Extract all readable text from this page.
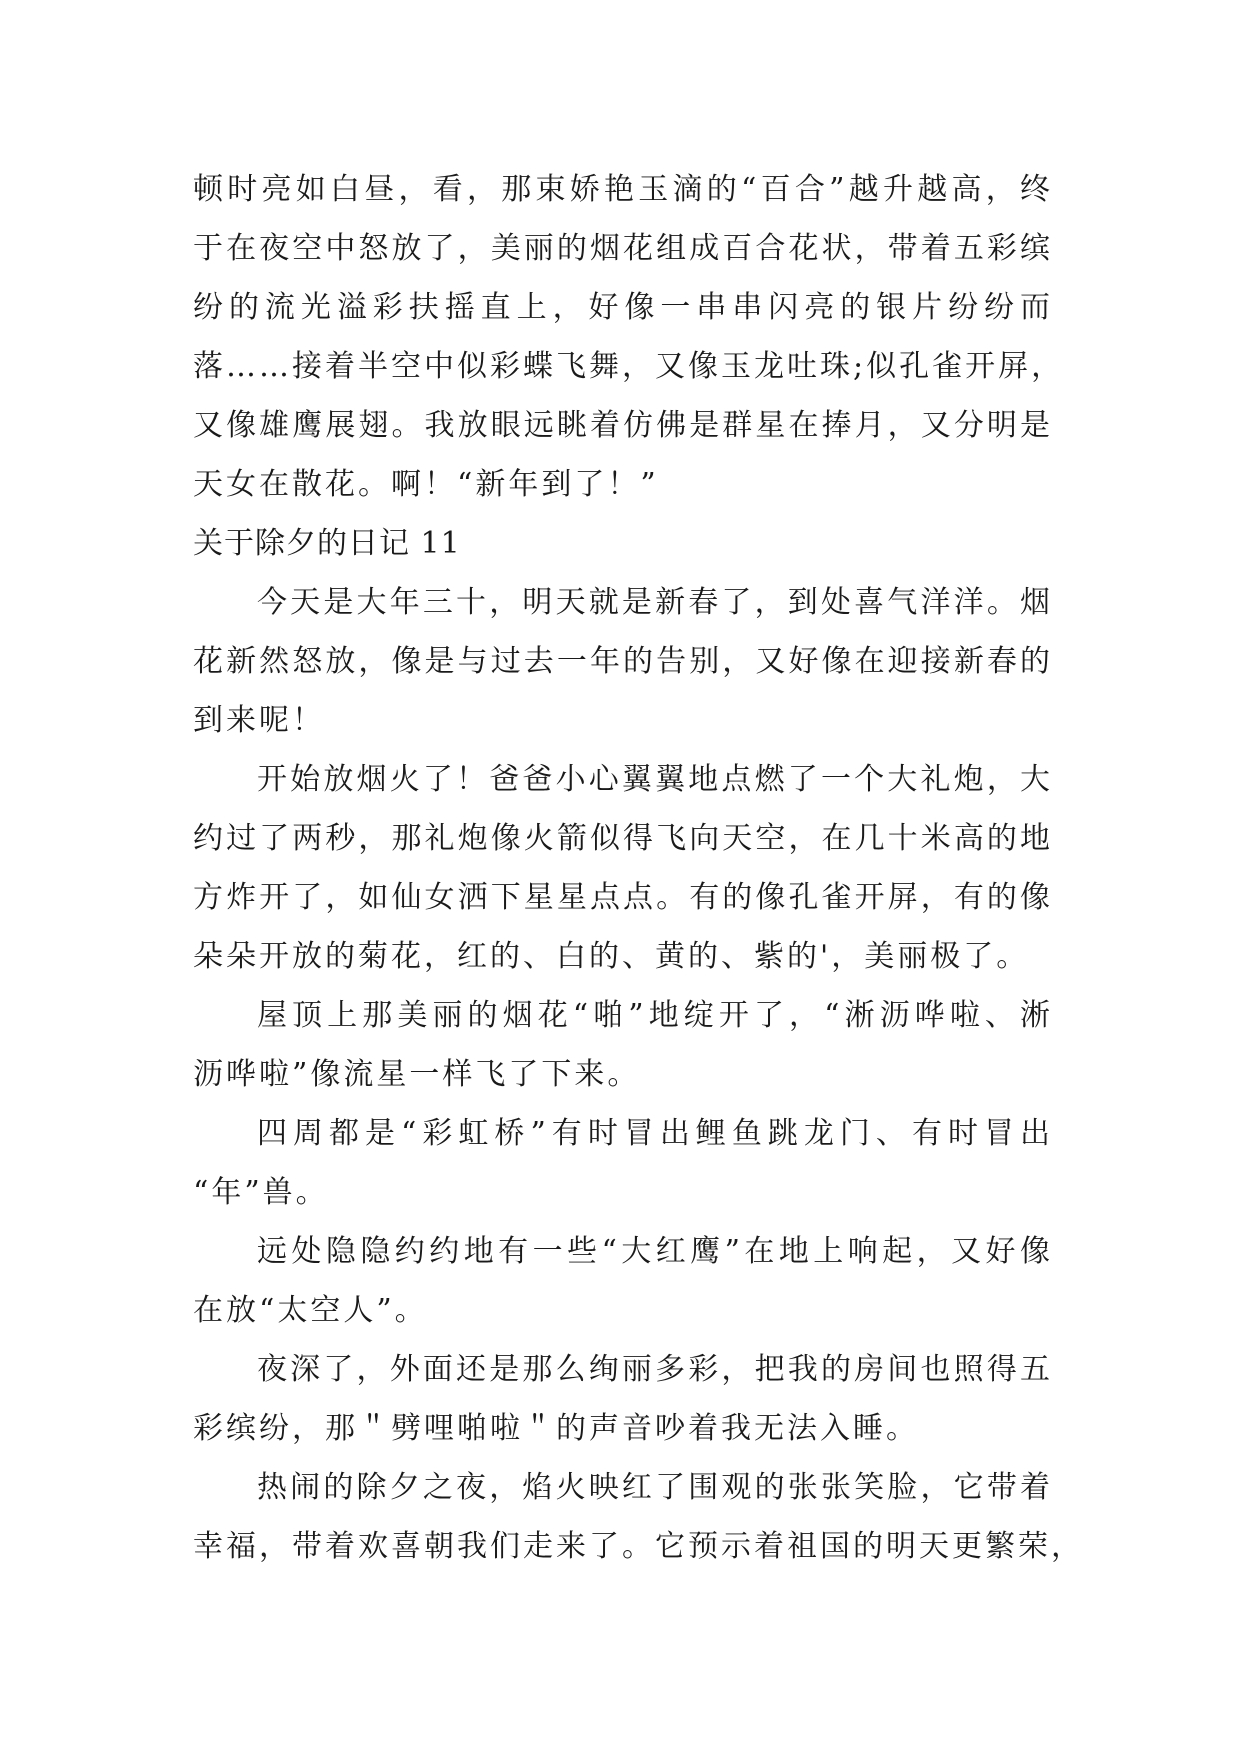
顿时亮如白昼，看，那束娇艳玉滴的“百合”越升越高，终
于在夜空中怒放了，美丽的烟花组成百合花状，带着五彩缤
纷的流光溢彩扶摇直上，好像一串串闪亮的银片纷纷而
落……接着半空中似彩蝶飞舞，又像玉龙吐珠;似孔雀开屏，
又像雄鹰展翅。我放眼远眺着仿佛是群星在捧月，又分明是
天女在散花。啊！“新年到了！”
关于除夕的日记 11
今天是大年三十，明天就是新春了，到处喜气洋洋。烟
花新然怒放，像是与过去一年的告别，又好像在迎接新春的
到来呢！
开始放烟火了！爸爸小心翼翼地点燃了一个大礼炮，大
约过了两秒，那礼炮像火箭似得飞向天空，在几十米高的地
方炸开了，如仙女洒下星星点点。有的像孔雀开屏，有的像
朵朵开放的菊花，红的、白的、黄的、紫的'，美丽极了。
屋顶上那美丽的烟花“啪”地绽开了，“淅沥哗啦、淅
沥哗啦”像流星一样飞了下来。
四周都是“彩虹桥”有时冒出鲤鱼跳龙门、有时冒出
“年”兽。
远处隐隐约约地有一些“大红鹰”在地上响起，又好像
在放“太空人”。
夜深了，外面还是那么绚丽多彩，把我的房间也照得五
彩缤纷，那＂劈哩啪啦＂的声音吵着我无法入睡。
热闹的除夕之夜，焰火映红了围观的张张笑脸，它带着
幸福，带着欢喜朝我们走来了。它预示着祖国的明天更繁荣，
